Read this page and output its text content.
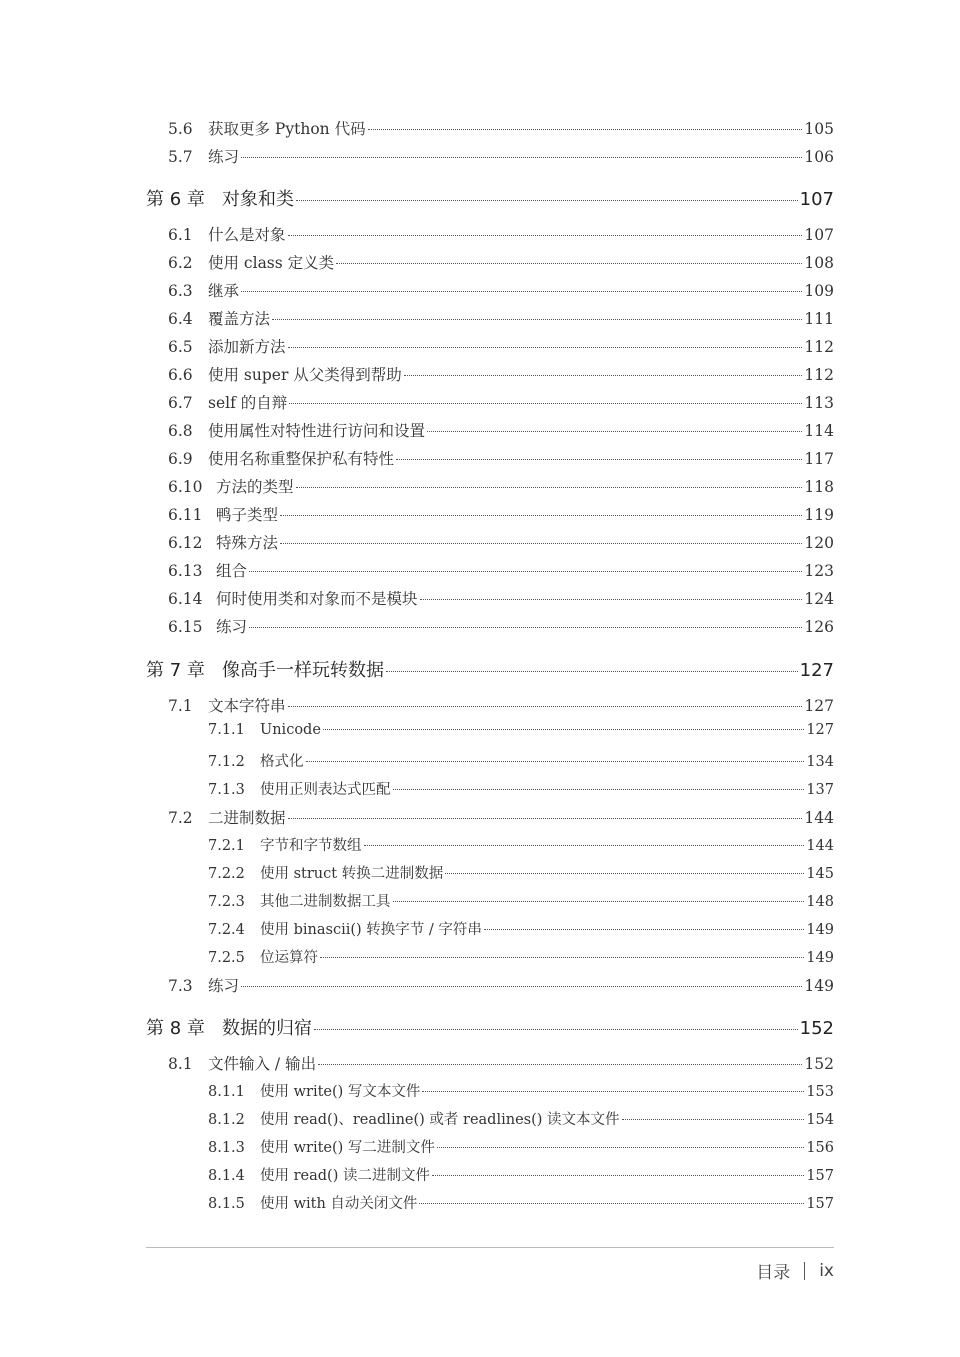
5.6 获取更多 Python 代码	105
5.7 练习	106
第 6 章 对象和类	107
6.1 什么是对象	107
6.2 使用 class 定义类	108
6.3 继承	109
6.4 覆盖方法	111
6.5 添加新方法	112
6.6 使用 super 从父类得到帮助	112
6.7 self 的自辩	113
6.8 使用属性对特性进行访问和设置	114
6.9 使用名称重整保护私有特性	117
6.10 方法的类型	118
6.11 鸭子类型	119
6.12 特殊方法	120
6.13 组合	123
6.14 何时使用类和对象而不是模块	124
6.15 练习	126
第 7 章 像高手一样玩转数据	127
7.1 文本字符串	127
7.1.1	Unicode	127
7.1.2	格式化	134
7.1.3	使用正则表达式匹配	137
7.2 二进制数据	144
7.2.1	字节和字节数组	144
7.2.2	使用 struct 转换二进制数据	145
7.2.3	其他二进制数据工具	148
7.2.4	使用 binascii() 转换字节 / 字符串	149
7.2.5	位运算符	149
7.3 练习	149
第 8 章 数据的归宿	152
8.1 文件输入 / 输出	152
8.1.1	使用 write() 写文本文件	153
8.1.2	使用 read()、readline() 或者 readlines() 读文本文件	154
8.1.3	使用 write() 写二进制文件	156
8.1.4	使用 read() 读二进制文件	157
8.1.5	使用 with 自动关闭文件	157
目录 ix
